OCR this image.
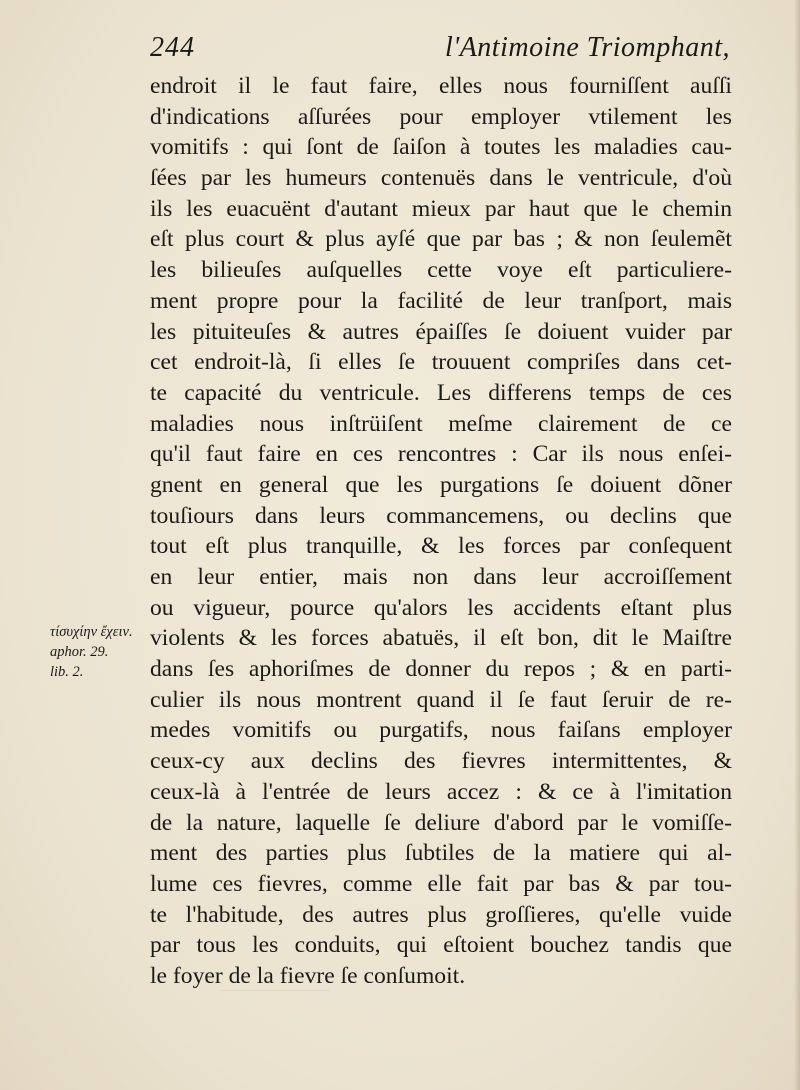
244	l'Antimoine Triomphant,
τίσυχίην ἔχειν.
aphor. 29.
lib. 2.
endroit il le faut faire, elles nous fourniſſent auſſi
d'indications aſſurées pour employer vtilement les
vomitifs : qui ſont de ſaiſon à toutes les maladies cau-
ſées par les humeurs contenuës dans le ventricule, d'où
ils les euacuënt d'autant mieux par haut que le chemin
eſt plus court & plus ayſé que par bas ; & non ſeulemẽt
les bilieuſes auſquelles cette voye eſt particuliere-
ment propre pour la facilité de leur tranſport, mais
les pituiteuſes & autres épaiſſes ſe doiuent vuider par
cet endroit-là, ſi elles ſe trouuent compriſes dans cet-
te capacité du ventricule. Les differens temps de ces
maladies nous inſtrüiſent meſme clairement de ce
qu'il faut faire en ces rencontres : Car ils nous enſei-
gnent en general que les purgations ſe doiuent dõner
touſiours dans leurs commancemens, ou declins que
tout eſt plus tranquille, & les forces par conſequent
en leur entier, mais non dans leur accroiſſement
ou vigueur, pource qu'alors les accidents eſtant plus
violents & les forces abatuës, il eſt bon, dit le Maiſtre
dans ſes aphoriſmes de donner du repos ; & en parti-
culier ils nous montrent quand il ſe faut ſeruir de re-
medes vomitifs ou purgatifs, nous faiſans employer
ceux-cy aux declins des fievres intermittentes, &
ceux-là à l'entrée de leurs accez : & ce à l'imitation
de la nature, laquelle ſe deliure d'abord par le vomiſſe-
ment des parties plus ſubtiles de la matiere qui al-
lume ces fievres, comme elle fait par bas & par tou-
te l'habitude, des autres plus groſſieres, qu'elle vuide
par tous les conduits, qui eſtoient bouchez tandis que
le foyer de la fievre ſe conſumoit.
